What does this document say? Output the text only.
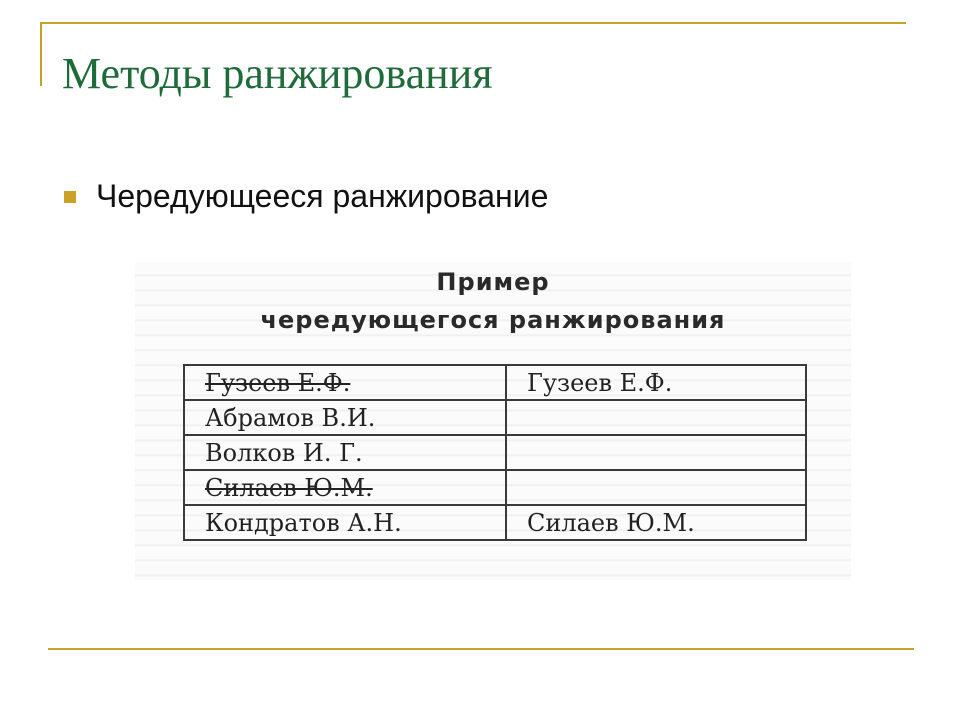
Методы ранжирования
Чередующееся ранжирование
Пример
чередующегося ранжирования
Гузеев Е.Ф.	Гузеев Е.Ф.
Абрамов В.И.	
Волков И. Г.	
Силаев Ю.М.	
Кондратов А.Н.	Силаев Ю.М.
